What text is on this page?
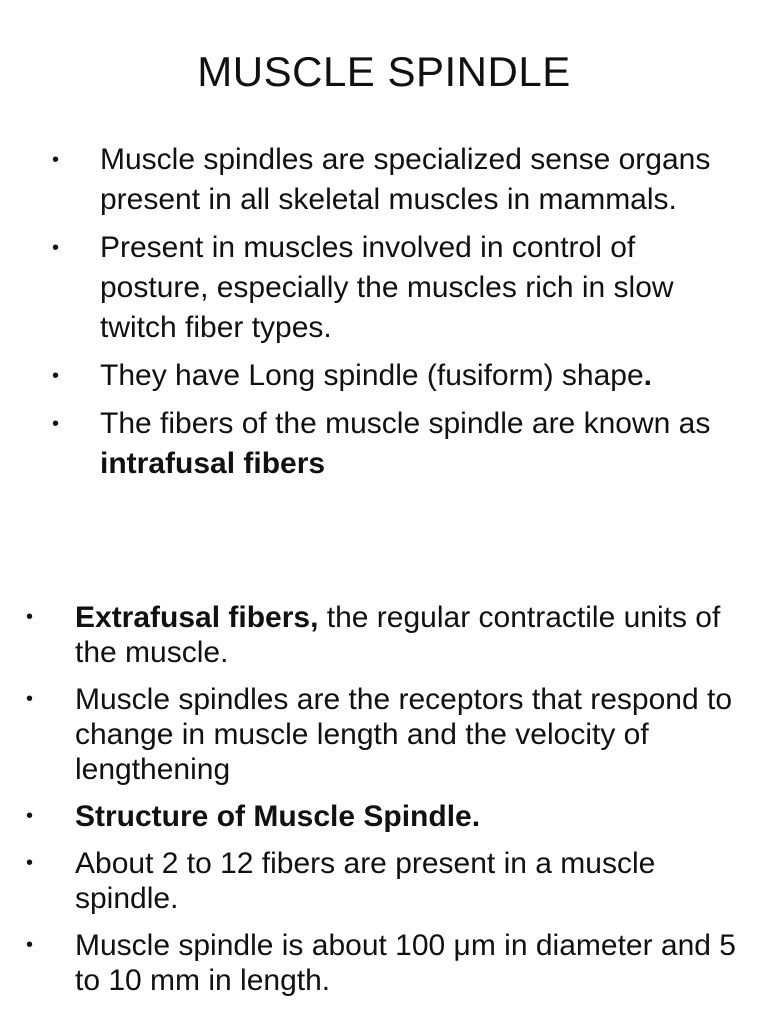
MUSCLE SPINDLE
• Muscle spindles are specialized sense organs present in all skeletal muscles in mammals.
• Present in muscles involved in control of posture, especially the muscles rich in slow twitch fiber types.
• They have Long spindle (fusiform) shape.
• The fibers of the muscle spindle are known as intrafusal fibers
• Extrafusal fibers, the regular contractile units of the muscle.
• Muscle spindles are the receptors that respond to change in muscle length and the velocity of lengthening
• Structure of Muscle Spindle.
• About 2 to 12 fibers are present in a muscle spindle.
• Muscle spindle is about 100 μm in diameter and 5 to 10 mm in length.
